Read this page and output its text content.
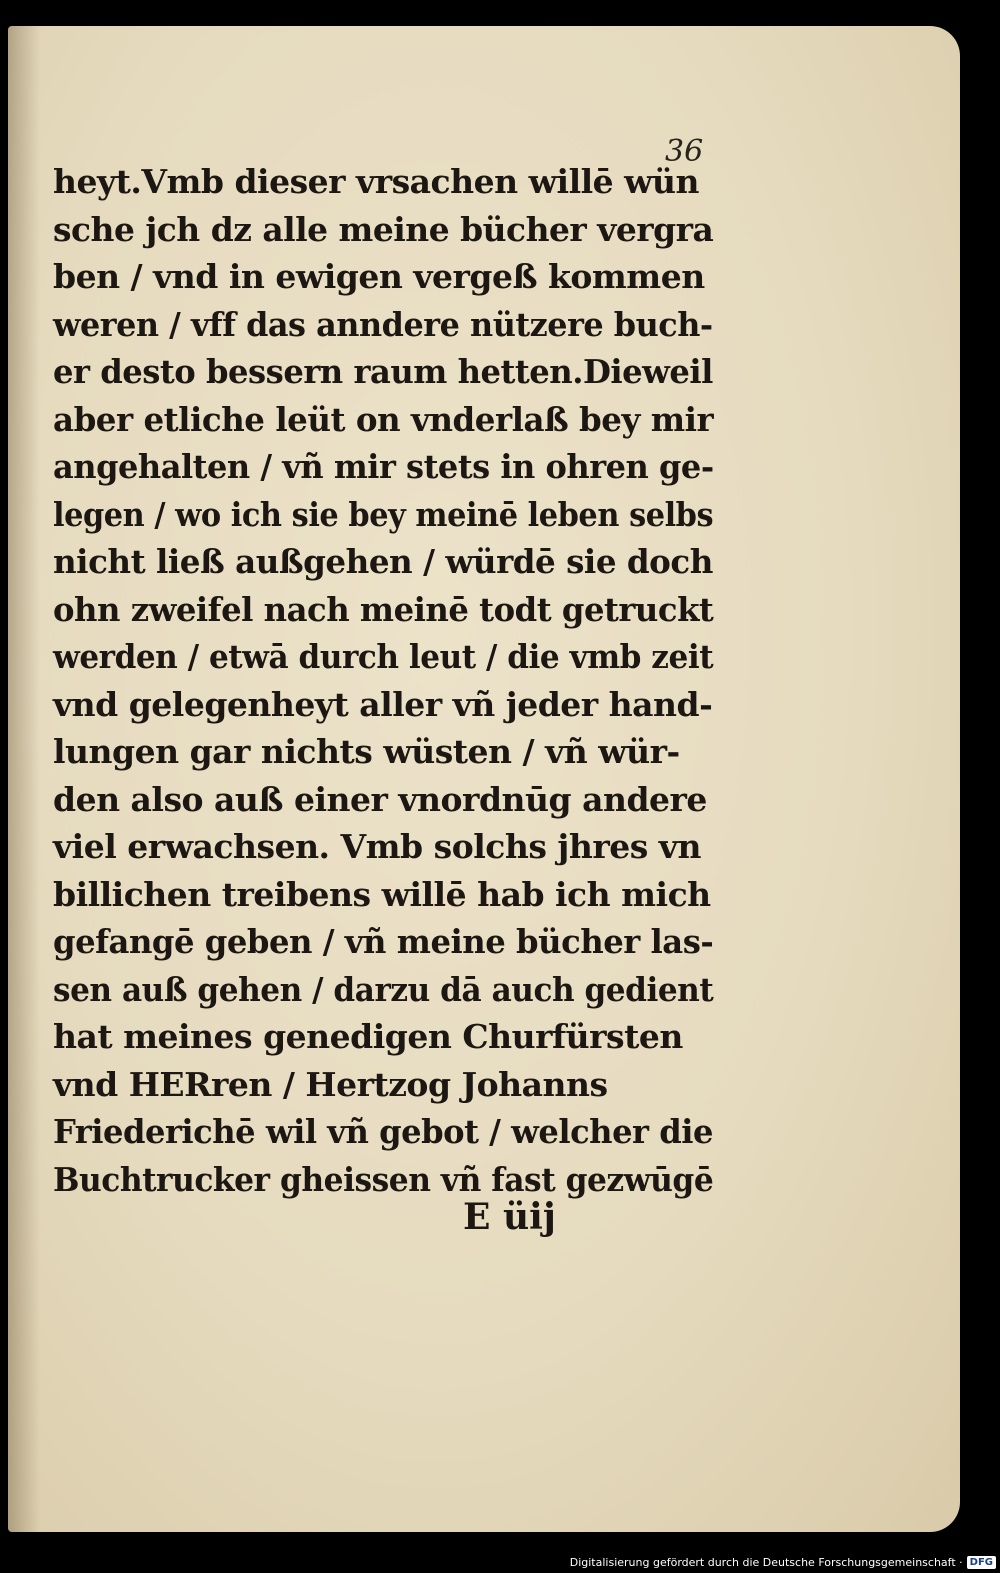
36
heyt.Vmb dieser vrsachen willē wün
sche jch dz alle meine bücher vergra
ben / vnd in ewigen vergeß kommen
weren / vff das anndere nützere buch-
er desto bessern raum hetten.Dieweil
aber etliche leüt on vnderlaß bey mir
angehalten / vñ mir stets in ohren ge-
legen / wo ich sie bey meinē leben selbs
nicht ließ außgehen / würdē sie doch
ohn zweifel nach meinē todt getruckt
werden / etwā durch leut / die vmb zeit
vnd gelegenheyt aller vñ jeder hand-
lungen gar nichts wüsten / vñ wür-
den also auß einer vnordnūg andere
viel erwachsen. Vmb solchs jhres vn
billichen treibens willē hab ich mich
gefangē geben / vñ meine bücher las-
sen auß gehen / darzu dā auch gedient
hat meines genedigen Churfürsten
vnd HERren / Hertzog Johanns
Friederichē wil vñ gebot / welcher die
Buchtrucker gheissen vñ fast gezwūgē
E üij
Digitalisierung gefördert durch die Deutsche Forschungsgemeinschaft · DFG
